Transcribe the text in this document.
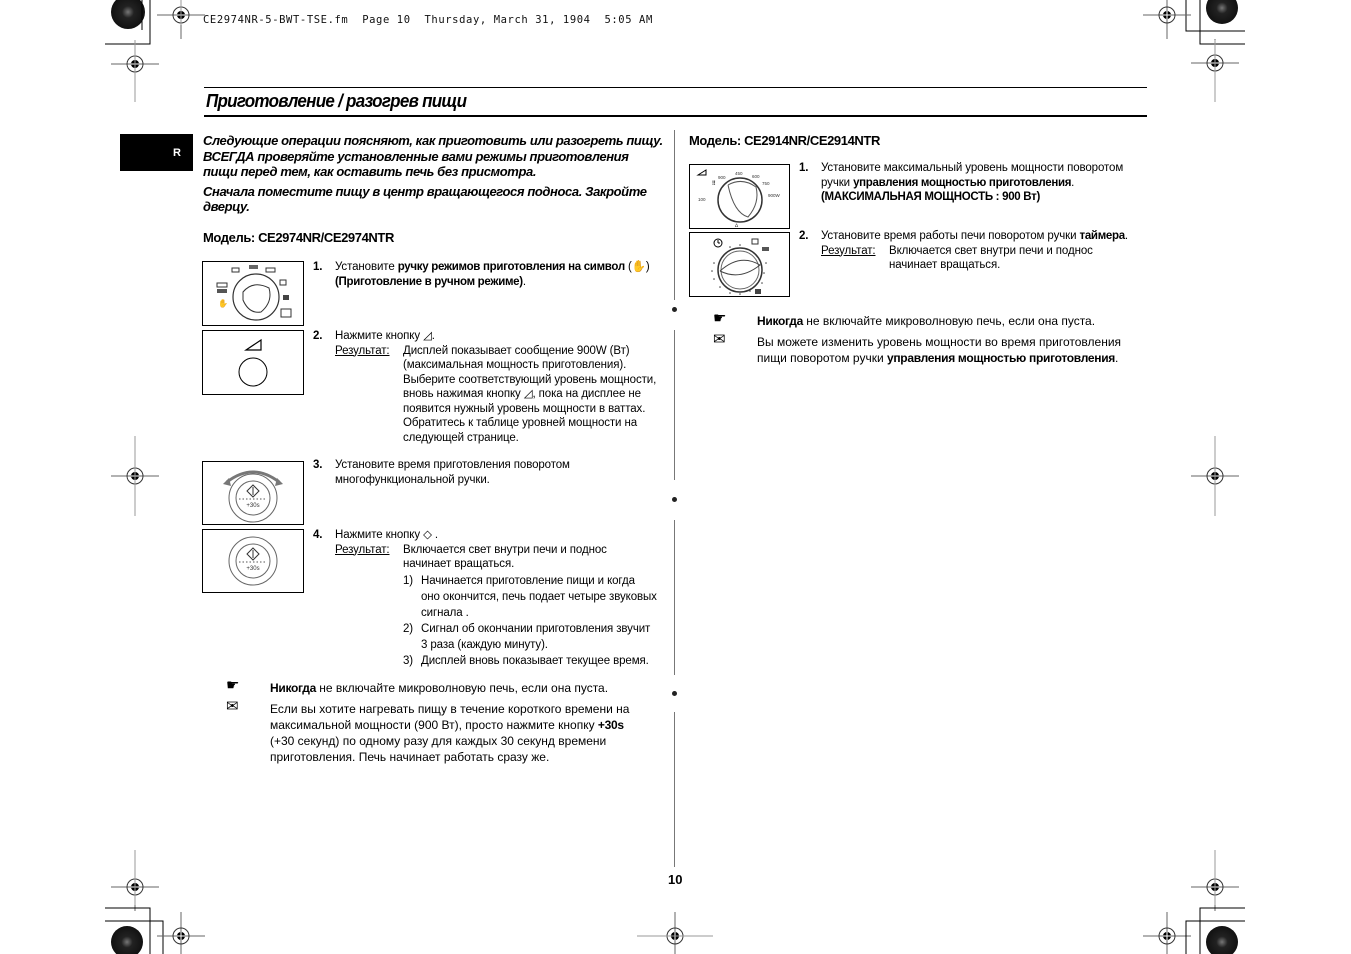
CE2974NR-5-BWT-TSE.fm  Page 10  Thursday, March 31, 1904  5:05 AM
Приготовление / разогрев пищи
R

Следующие операции поясняют, как приготовить или разогреть пищу. ВСЕГДА проверяйте установленные вами режимы приготовления пищи перед тем, как оставить печь без присмотра.

Сначала поместите пищу в центр вращающегося подноса. Закройте дверцу.

Модель: CE2974NR/CE2974NTR
✋
1. Установите ручку режимов приготовления на символ (✋)
(Приготовление в ручном режиме).
2. Нажмите кнопку ◿.
Результат: Дисплей показывает сообщение 900W (Вт)
(максимальная мощность приготовления).
Выберите соответствующий уровень мощности,
вновь нажимая кнопку ◿, пока на дисплее не
появится нужный уровень мощности в ваттах.
Обратитесь к таблице уровней мощности на
следующей странице.
+30s
3. Установите время приготовления поворотом
многофункциональной ручки.
+30s
4. Нажмите кнопку ◇ .
Результат: Включается свет внутри печи и поднос
начинает вращаться.
1) Начинается приготовление пищи и когда
оно окончится, печь подает четыре звуковых
сигнала .
2) Сигнал об окончании приготовления звучит
3 раза (каждую минуту).
3) Дисплей вновь показывает текущее время.
☛	Никогда не включайте микроволновую печь, если она пуста.
✉	Если вы хотите нагревать пищу в течение короткого времени на
максимальной мощности (900 Вт), просто нажмите кнопку +30s
(+30 секунд) по одному разу для каждых 30 секунд времени
приготовления. Печь начинает работать сразу же.
Модель: CE2914NR/CE2914NTR
900
450
600
750
100
900W
‼
∆
1. Установите максимальный уровень мощности поворотом
ручки управления мощностью приготовления.
(МАКСИМАЛЬНАЯ МОЩНОСТЬ : 900 Вт)
2. Установите время работы печи поворотом ручки таймера.
Результат: Включается свет внутри печи и поднос
начинает вращаться.
☛	Никогда не включайте микроволновую печь, если она пуста.
✉	Вы можете изменить уровень мощности во время приготовления
пищи поворотом ручки управления мощностью приготовления.
10
